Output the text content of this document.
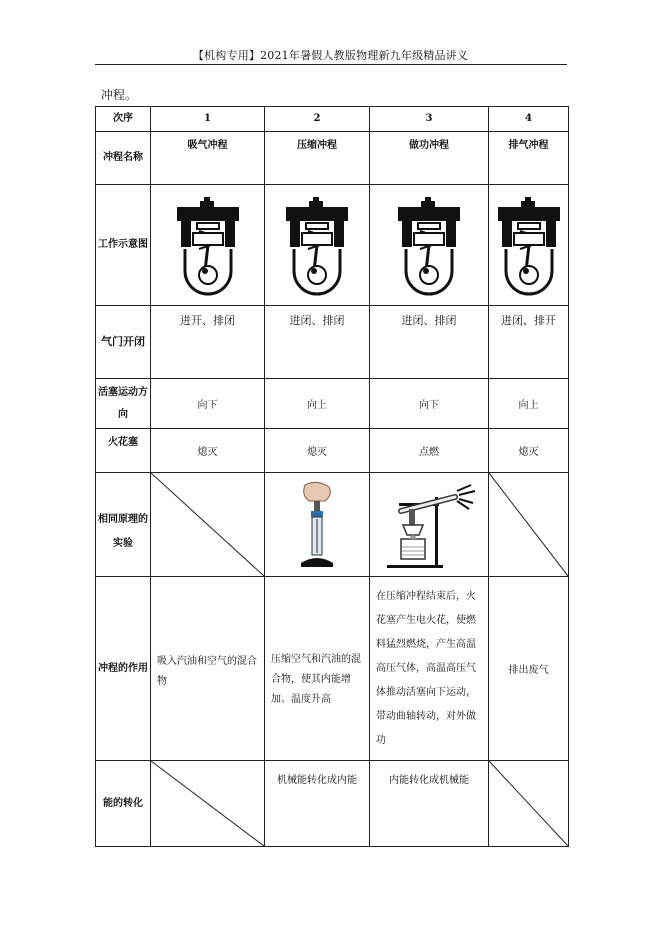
【机构专用】2021年暑假人教版物理新九年级精品讲义
冲程。
次序	1	2	3	4
冲程名称	吸气冲程	压缩冲程	做功冲程	排气冲程
工作示意图	

气门开闭	进开、排闭	进闭、排闭	进闭、排闭	进闭、排开
活塞运动方向	向下	向上	向下	向上
火花塞	熄灭	熄灭	点燃	熄灭
相同原理的实验	

冲程的作用	吸入汽油和空气的混合物	压缩空气和汽油的混合物，使其内能增加、温度升高	在压缩冲程结束后，火花塞产生电火花，使燃料猛烈燃烧，产生高温高压气体，高温高压气体推动活塞向下运动，带动曲轴转动，对外做功	排出废气
能的转化		机械能转化成内能	内能转化成机械能	
